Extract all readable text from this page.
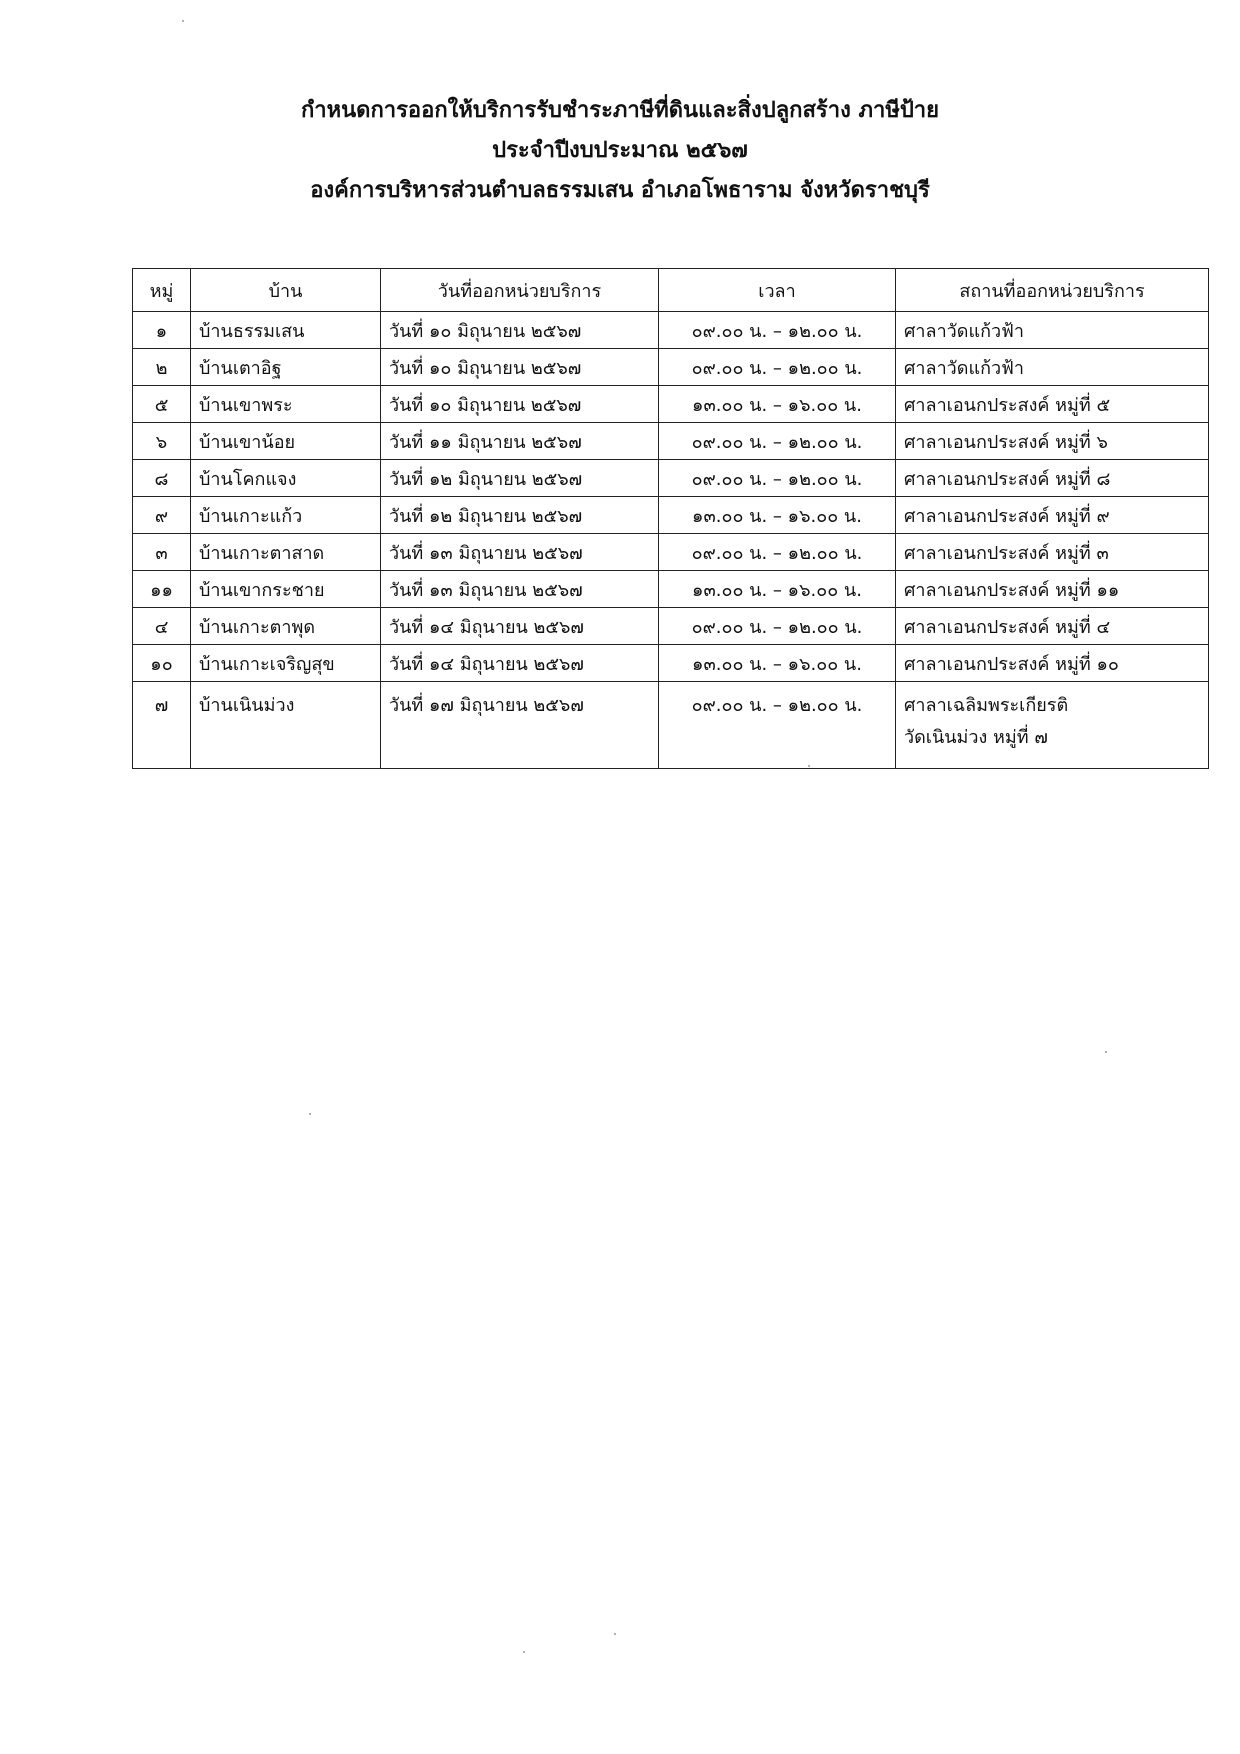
กำหนดการออกให้บริการรับชำระภาษีที่ดินและสิ่งปลูกสร้าง ภาษีป้าย
ประจำปีงบประมาณ ๒๕๖๗
องค์การบริหารส่วนตำบลธรรมเสน อำเภอโพธาราม จังหวัดราชบุรี
หมู่	บ้าน	วันที่ออกหน่วยบริการ	เวลา	สถานที่ออกหน่วยบริการ
๑	บ้านธรรมเสน	วันที่ ๑๐ มิถุนายน ๒๕๖๗	๐๙.๐๐ น. – ๑๒.๐๐ น.	ศาลาวัดแก้วฟ้า
๒	บ้านเตาอิฐ	วันที่ ๑๐ มิถุนายน ๒๕๖๗	๐๙.๐๐ น. – ๑๒.๐๐ น.	ศาลาวัดแก้วฟ้า
๕	บ้านเขาพระ	วันที่ ๑๐ มิถุนายน ๒๕๖๗	๑๓.๐๐ น. – ๑๖.๐๐ น.	ศาลาเอนกประสงค์ หมู่ที่ ๕
๖	บ้านเขาน้อย	วันที่ ๑๑ มิถุนายน ๒๕๖๗	๐๙.๐๐ น. – ๑๒.๐๐ น.	ศาลาเอนกประสงค์ หมู่ที่ ๖
๘	บ้านโคกแจง	วันที่ ๑๒ มิถุนายน ๒๕๖๗	๐๙.๐๐ น. – ๑๒.๐๐ น.	ศาลาเอนกประสงค์ หมู่ที่ ๘
๙	บ้านเกาะแก้ว	วันที่ ๑๒ มิถุนายน ๒๕๖๗	๑๓.๐๐ น. – ๑๖.๐๐ น.	ศาลาเอนกประสงค์ หมู่ที่ ๙
๓	บ้านเกาะตาสาด	วันที่ ๑๓ มิถุนายน ๒๕๖๗	๐๙.๐๐ น. – ๑๒.๐๐ น.	ศาลาเอนกประสงค์ หมู่ที่ ๓
๑๑	บ้านเขากระชาย	วันที่ ๑๓ มิถุนายน ๒๕๖๗	๑๓.๐๐ น. – ๑๖.๐๐ น.	ศาลาเอนกประสงค์ หมู่ที่ ๑๑
๔	บ้านเกาะตาพุด	วันที่ ๑๔ มิถุนายน ๒๕๖๗	๐๙.๐๐ น. – ๑๒.๐๐ น.	ศาลาเอนกประสงค์ หมู่ที่ ๔
๑๐	บ้านเกาะเจริญสุข	วันที่ ๑๔ มิถุนายน ๒๕๖๗	๑๓.๐๐ น. – ๑๖.๐๐ น.	ศาลาเอนกประสงค์ หมู่ที่ ๑๐
๗	บ้านเนินม่วง	วันที่ ๑๗ มิถุนายน ๒๕๖๗	๐๙.๐๐ น. – ๑๒.๐๐ น.	ศาลาเฉลิมพระเกียรติ
วัดเนินม่วง หมู่ที่ ๗
